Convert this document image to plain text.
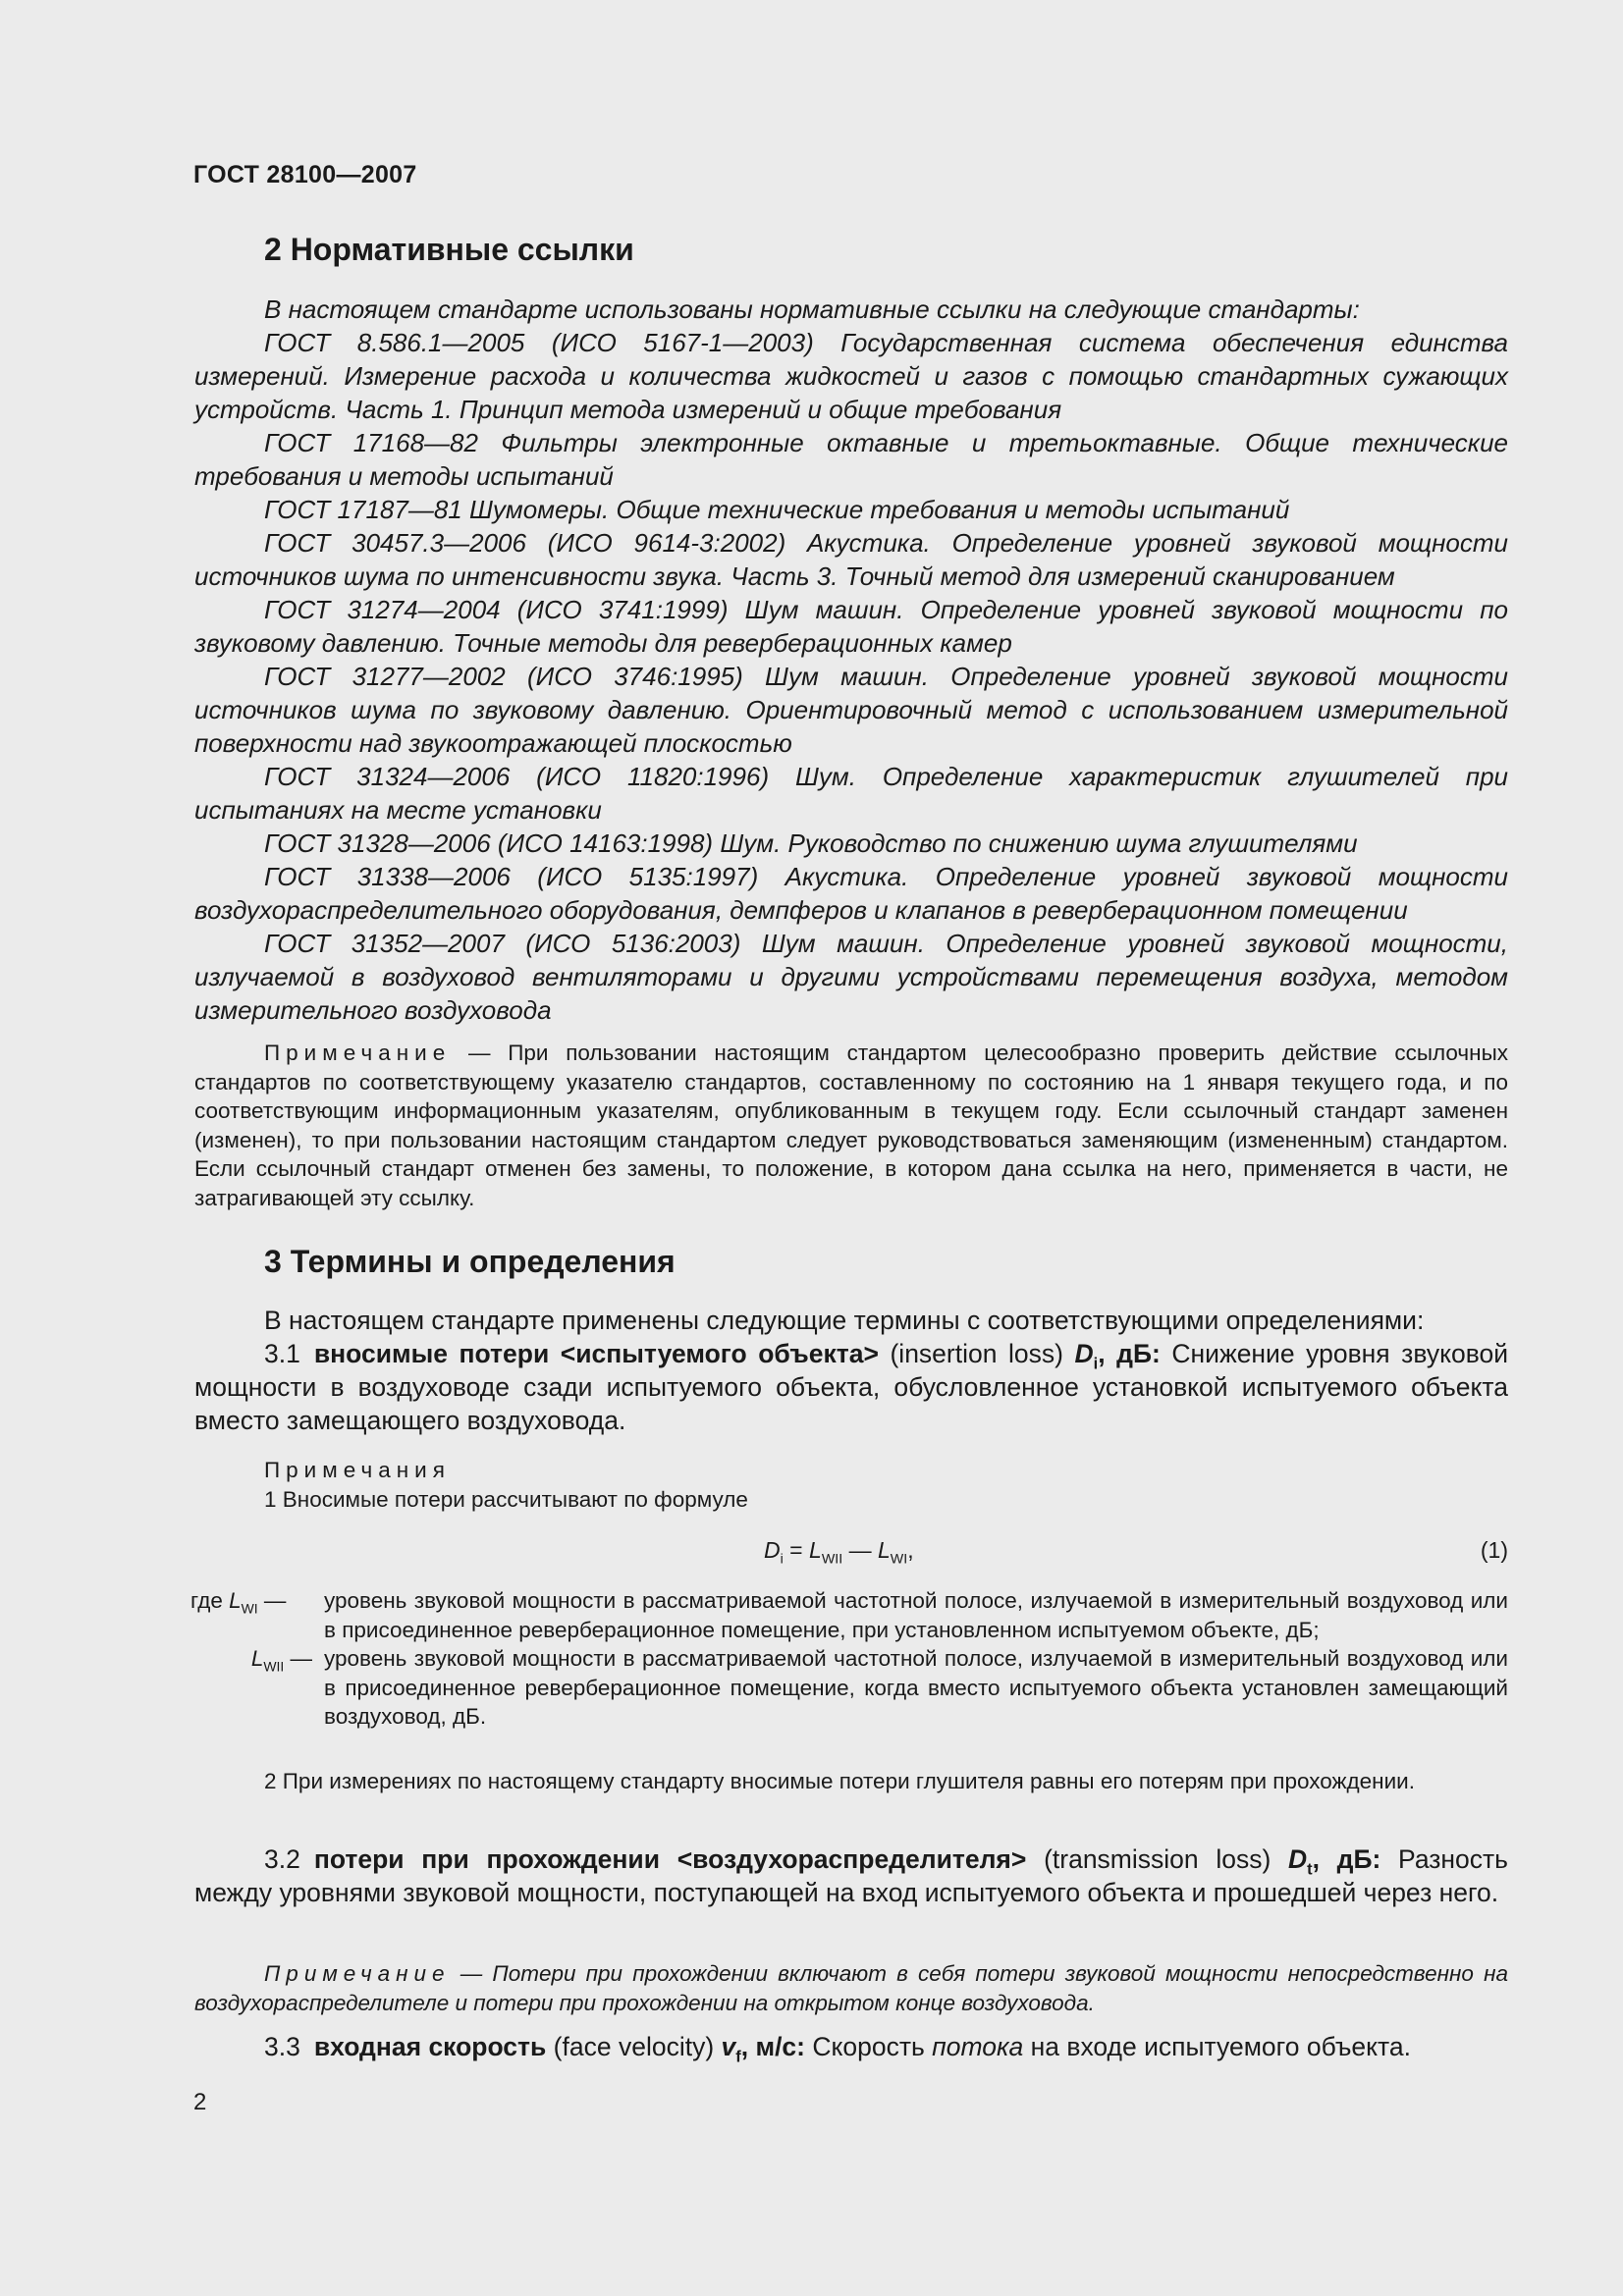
ГОСТ 28100—2007
2 Нормативные ссылки

В настоящем стандарте использованы нормативные ссылки на следующие стандарты:

ГОСТ 8.586.1—2005 (ИСО 5167-1—2003) Государственная система обеспечения единства измерений. Измерение расхода и количества жидкостей и газов с помощью стандартных сужающих устройств. Часть 1. Принцип метода измерений и общие требования

ГОСТ 17168—82 Фильтры электронные октавные и третьоктавные. Общие технические требования и методы испытаний

ГОСТ 17187—81 Шумомеры. Общие технические требования и методы испытаний

ГОСТ 30457.3—2006 (ИСО 9614-3:2002) Акустика. Определение уровней звуковой мощности источников шума по интенсивности звука. Часть 3. Точный метод для измерений сканированием

ГОСТ 31274—2004 (ИСО 3741:1999) Шум машин. Определение уровней звуковой мощности по звуковому давлению. Точные методы для реверберационных камер

ГОСТ 31277—2002 (ИСО 3746:1995) Шум машин. Определение уровней звуковой мощности источников шума по звуковому давлению. Ориентировочный метод с использованием измерительной поверхности над звукоотражающей плоскостью

ГОСТ 31324—2006 (ИСО 11820:1996) Шум. Определение характеристик глушителей при испытаниях на месте установки

ГОСТ 31328—2006 (ИСО 14163:1998) Шум. Руководство по снижению шума глушителями

ГОСТ 31338—2006 (ИСО 5135:1997) Акустика. Определение уровней звуковой мощности воздухораспределительного оборудования, демпферов и клапанов в реверберационном помещении

ГОСТ 31352—2007 (ИСО 5136:2003) Шум машин. Определение уровней звуковой мощности, излучаемой в воздуховод вентиляторами и другими устройствами перемещения воздуха, методом измерительного воздуховода

Примечание — При пользовании настоящим стандартом целесообразно проверить действие ссылочных стандартов по соответствующему указателю стандартов, составленному по состоянию на 1 января текущего года, и по соответствующим информационным указателям, опубликованным в текущем году. Если ссылочный стандарт заменен (изменен), то при пользовании настоящим стандартом следует руководствоваться заменяющим (измененным) стандартом. Если ссылочный стандарт отменен без замены, то положение, в котором дана ссылка на него, применяется в части, не затрагивающей эту ссылку.

3 Термины и определения

В настоящем стандарте применены следующие термины с соответствующими определениями:

3.1 вносимые потери <испытуемого объекта> (insertion loss) $D_i$, дБ: Снижение уровня звуковой мощности в воздуховоде сзади испытуемого объекта, обусловленное установкой испытуемого объекта вместо замещающего воздуховода.

Примечания

1 Вносимые потери рассчитывают по формуле

$D_i = L_{WII}$ — $L_{WI}$,	(1)
где $L_{WI}$ —	уровень звуковой мощности в рассматриваемой частотной полосе, излучаемой в измерительный воздуховод или в присоединенное реверберационное помещение, при установленном испытуемом объекте, дБ;
$L_{WII}$ — уровень звуковой мощности в рассматриваемой частотной полосе, излучаемой в измерительный воздуховод или в присоединенное реверберационное помещение, когда вместо испытуемого объекта установлен замещающий воздуховод, дБ.

2 При измерениях по настоящему стандарту вносимые потери глушителя равны его потерям при прохождении.

3.2 потери при прохождении <воздухораспределителя> (transmission loss) $D_t$, дБ: Разность между уровнями звуковой мощности, поступающей на вход испытуемого объекта и прошедшей через него.

Примечание — Потери при прохождении включают в себя потери звуковой мощности непосредственно на воздухораспределителе и потери при прохождении на открытом конце воздуховода.

3.3 входная скорость (face velocity) $v_f$, м/с: Скорость потока на входе испытуемого объекта.

2
